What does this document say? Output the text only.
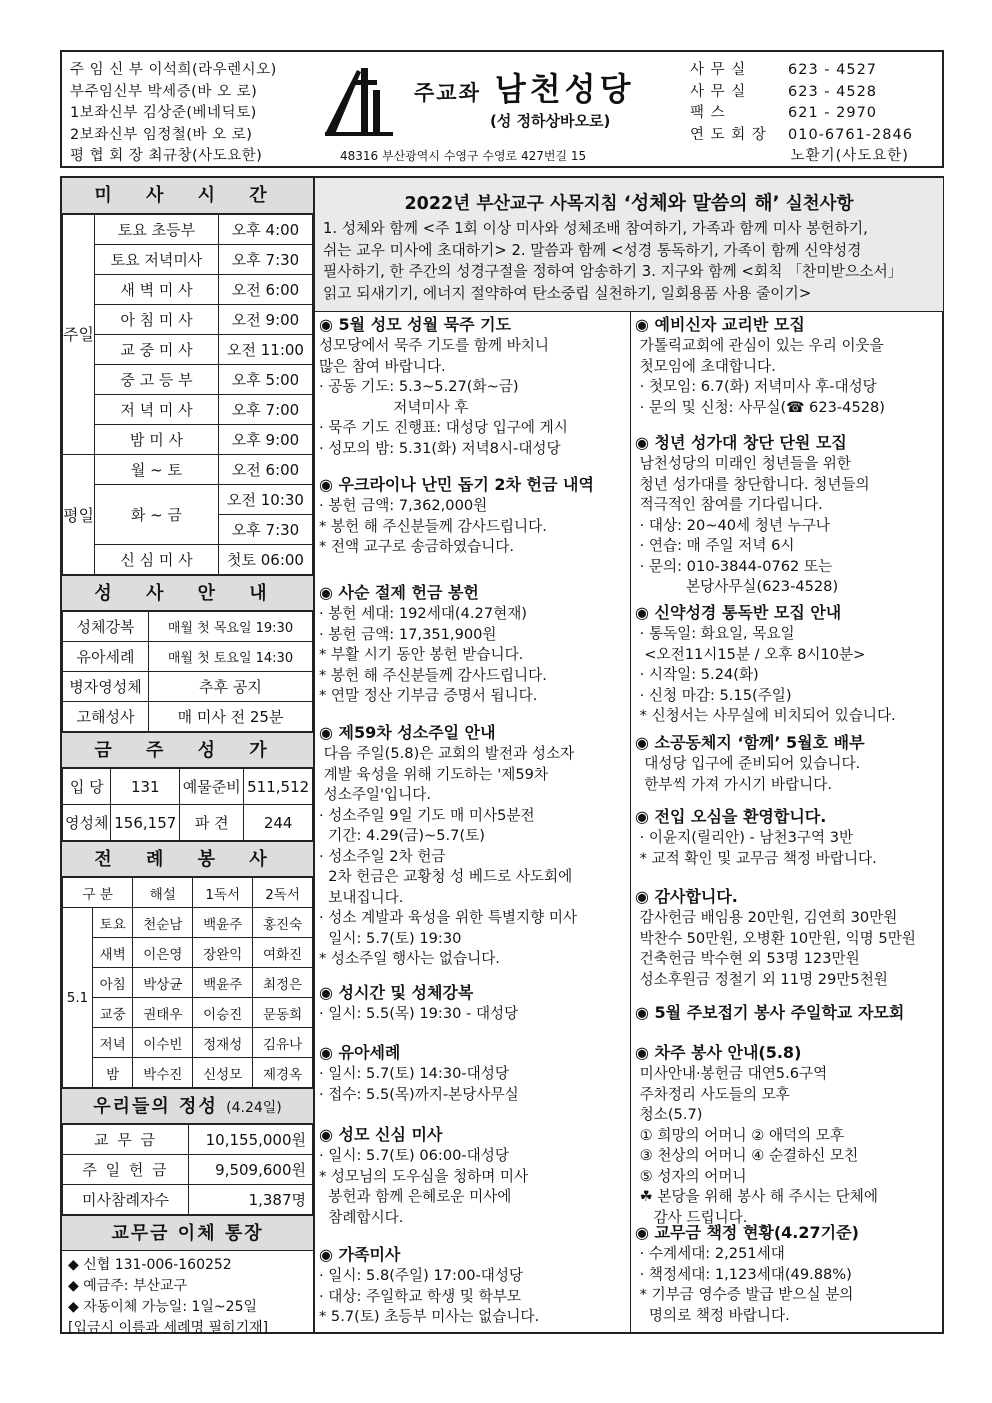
주 임 신 부 이석희(라우렌시오)
부주임신부 박세증(바 오 로)
1보좌신부 김상준(베네딕토)
2보좌신부 임정철(바 오 로)
평 협 회 장 최규창(사도요한)
주교좌 남천성당
(성 정하상바오로)
48316 부산광역시 수영구 수영로 427번길 15
사 무 실	623 - 4527
사 무 실	623 - 4528
팩 스	621 - 2970
연 도 회 장 010-6761-2846
노환기(사도요한)
미 사 시 간
주일	토요 초등부	오후 4:00
	토요 저녁미사	오후 7:30
	새 벽 미 사	오전 6:00
	아 침 미 사	오전 9:00
	교 중 미 사	오전 11:00
	중 고 등 부	오후 5:00
	저 녁 미 사	오후 7:00
	밤 미 사	오후 9:00
평일	월 ~ 토	오전 6:00
	화 ~ 금	오전 10:30
		오후 7:30
	신 심 미 사	첫토 06:00
성 사 안 내
성체강복	매월 첫 목요일 19:30
유아세례	매월 첫 토요일 14:30
병자영성체	추후 공지
고해성사	매 미사 전 25분
금 주 성 가
입 당	131	예물준비	511,512
영성체	156,157	파 견	244
전 례 봉 사
구 분		해설	1독서	2독서
5.1	토요	천순남	백윤주	홍진숙
	새벽	이은영	장완익	여화진
	아침	박상균	백윤주	최정은
	교중	권태우	이승진	문동희
	저녁	이수빈	정재성	김유나
	밤	박수진	신성모	제경옥
우리들의 정성 (4.24일)
교 무 금	10,155,000원
주 일 헌 금	9,509,600원
미사참례자수	1,387명
교무금 이체 통장
◆ 신협 131-006-160252
◆ 예금주: 부산교구
◆ 자동이체 가능일: 1일~25일
[입금시 이름과 세례명 필히기재]
2022년 부산교구 사목지침 ‘성체와 말씀의 해’ 실천사항
1. 성체와 함께 <주 1회 이상 미사와 성체조배 참여하기, 가족과 함께 미사 봉헌하기,
쉬는 교우 미사에 초대하기> 2. 말씀과 함께 <성경 통독하기, 가족이 함께 신약성경
필사하기, 한 주간의 성경구절을 정하여 암송하기 3. 지구와 함께 <회칙 「찬미받으소서」
읽고 되새기기, 에너지 절약하여 탄소중립 실천하기, 일회용품 사용 줄이기>
◉ 5월 성모 성월 묵주 기도
성모당에서 묵주 기도를 함께 바치니
많은 참여 바랍니다.
· 공동 기도: 5.3~5.27(화~금)
저녁미사 후
· 묵주 기도 진행표: 대성당 입구에 게시
· 성모의 밤: 5.31(화) 저녁8시-대성당
◉ 우크라이나 난민 돕기 2차 헌금 내역
· 봉헌 금액: 7,362,000원
* 봉헌 해 주신분들께 감사드립니다.
* 전액 교구로 송금하였습니다.
◉ 사순 절제 헌금 봉헌
· 봉헌 세대: 192세대(4.27현재)
· 봉헌 금액: 17,351,900원
* 부활 시기 동안 봉헌 받습니다.
* 봉헌 해 주신분들께 감사드립니다.
* 연말 정산 기부금 증명서 됩니다.
◉ 제59차 성소주일 안내
다음 주일(5.8)은 교회의 발전과 성소자
계발 육성을 위해 기도하는 '제59차
성소주일'입니다.
· 성소주일 9일 기도 매 미사5분전
기간: 4.29(금)~5.7(토)
· 성소주일 2차 헌금
2차 헌금은 교황청 성 베드로 사도회에
보내집니다.
· 성소 계발과 육성을 위한 특별지향 미사
일시: 5.7(토) 19:30
* 성소주일 행사는 없습니다.
◉ 성시간 및 성체강복
· 일시: 5.5(목) 19:30 - 대성당
◉ 유아세례
· 일시: 5.7(토) 14:30-대성당
· 접수: 5.5(목)까지-본당사무실
◉ 성모 신심 미사
· 일시: 5.7(토) 06:00-대성당
* 성모님의 도우심을 청하며 미사
봉헌과 함께 은혜로운 미사에
참례합시다.
◉ 가족미사
· 일시: 5.8(주일) 17:00-대성당
· 대상: 주일학교 학생 및 학부모
* 5.7(토) 초등부 미사는 없습니다.
◉ 예비신자 교리반 모집
가톨릭교회에 관심이 있는 우리 이웃을
첫모임에 초대합니다.
· 첫모임: 6.7(화) 저녁미사 후-대성당
· 문의 및 신청: 사무실(☎ 623-4528)
◉ 청년 성가대 창단 단원 모집
남천성당의 미래인 청년들을 위한
청년 성가대를 창단합니다. 청년들의
적극적인 참여를 기다립니다.
· 대상: 20~40세 청년 누구나
· 연습: 매 주일 저녁 6시
· 문의: 010-3844-0762 또는
본당사무실(623-4528)
◉ 신약성경 통독반 모집 안내
· 통독일: 화요일, 목요일
<오전11시15분 / 오후 8시10분>
· 시작일: 5.24(화)
· 신청 마감: 5.15(주일)
* 신청서는 사무실에 비치되어 있습니다.
◉ 소공동체지 ‘함께’ 5월호 배부
대성당 입구에 준비되어 있습니다.
한부씩 가져 가시기 바랍니다.
◉ 전입 오심을 환영합니다.
· 이윤지(릴리안) - 남천3구역 3반
* 교적 확인 및 교무금 책정 바랍니다.
◉ 감사합니다.
감사헌금 배임용 20만원, 김연희 30만원
박찬수 50만원, 오병환 10만원, 익명 5만원
건축헌금 박수현 외 53명 123만원
성소후원금 정철기 외 11명 29만5천원
◉ 5월 주보접기 봉사 주일학교 자모회
◉ 차주 봉사 안내(5.8)
미사안내·봉헌금 대연5.6구역
주차정리 사도들의 모후
청소(5.7)
① 희망의 어머니 ② 애덕의 모후
③ 천상의 어머니 ④ 순결하신 모친
⑤ 성자의 어머니
☘ 본당을 위해 봉사 해 주시는 단체에
감사 드립니다.
◉ 교무금 책정 현황(4.27기준)
· 수계세대: 2,251세대
· 책정세대: 1,123세대(49.88%)
* 기부금 영수증 발급 받으실 분의
명의로 책정 바랍니다.
